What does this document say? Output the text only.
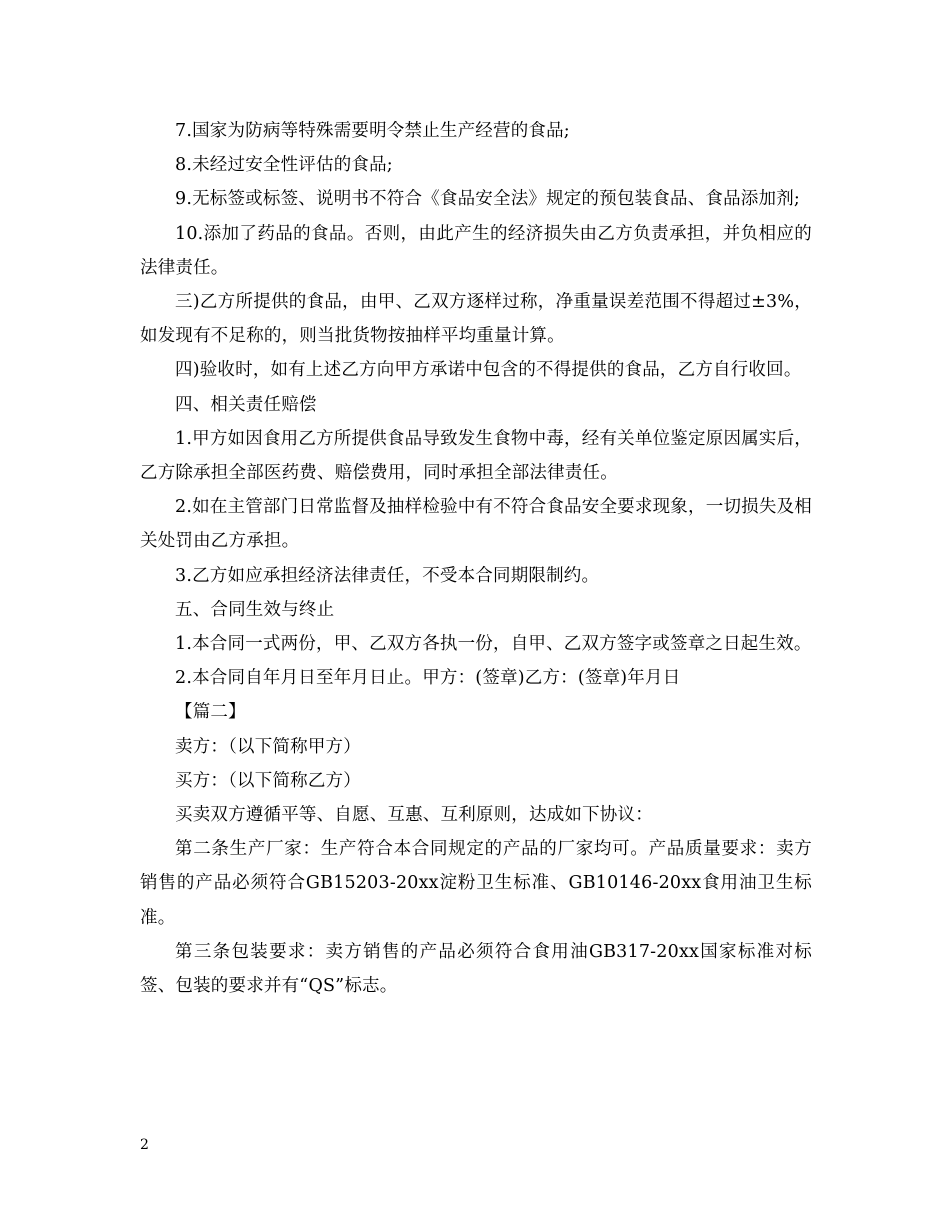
7.国家为防病等特殊需要明令禁止生产经营的食品;

8.未经过安全性评估的食品;

9.无标签或标签、说明书不符合《食品安全法》规定的预包装食品、食品添加剂;

10.添加了药品的食品。否则，由此产生的经济损失由乙方负责承担，并负相应的法律责任。

三)乙方所提供的食品，由甲、乙双方逐样过称，净重量误差范围不得超过±3%，如发现有不足称的，则当批货物按抽样平均重量计算。

四)验收时，如有上述乙方向甲方承诺中包含的不得提供的食品，乙方自行收回。

四、相关责任赔偿

1.甲方如因食用乙方所提供食品导致发生食物中毒，经有关单位鉴定原因属实后，乙方除承担全部医药费、赔偿费用，同时承担全部法律责任。

2.如在主管部门日常监督及抽样检验中有不符合食品安全要求现象，一切损失及相关处罚由乙方承担。

3.乙方如应承担经济法律责任，不受本合同期限制约。

五、合同生效与终止

1.本合同一式两份，甲、乙双方各执一份，自甲、乙双方签字或签章之日起生效。

2.本合同自年月日至年月日止。甲方：(签章)乙方：(签章)年月日

【篇二】

卖方：（以下简称甲方）

买方：（以下简称乙方）

买卖双方遵循平等、自愿、互惠、互利原则，达成如下协议：

第二条生产厂家：生产符合本合同规定的产品的厂家均可。产品质量要求：卖方销售的产品必须符合GB15203-20xx淀粉卫生标准、GB10146-20xx食用油卫生标准。

第三条包装要求：卖方销售的产品必须符合食用油GB317-20xx国家标准对标签、包装的要求并有“QS”标志。

2
